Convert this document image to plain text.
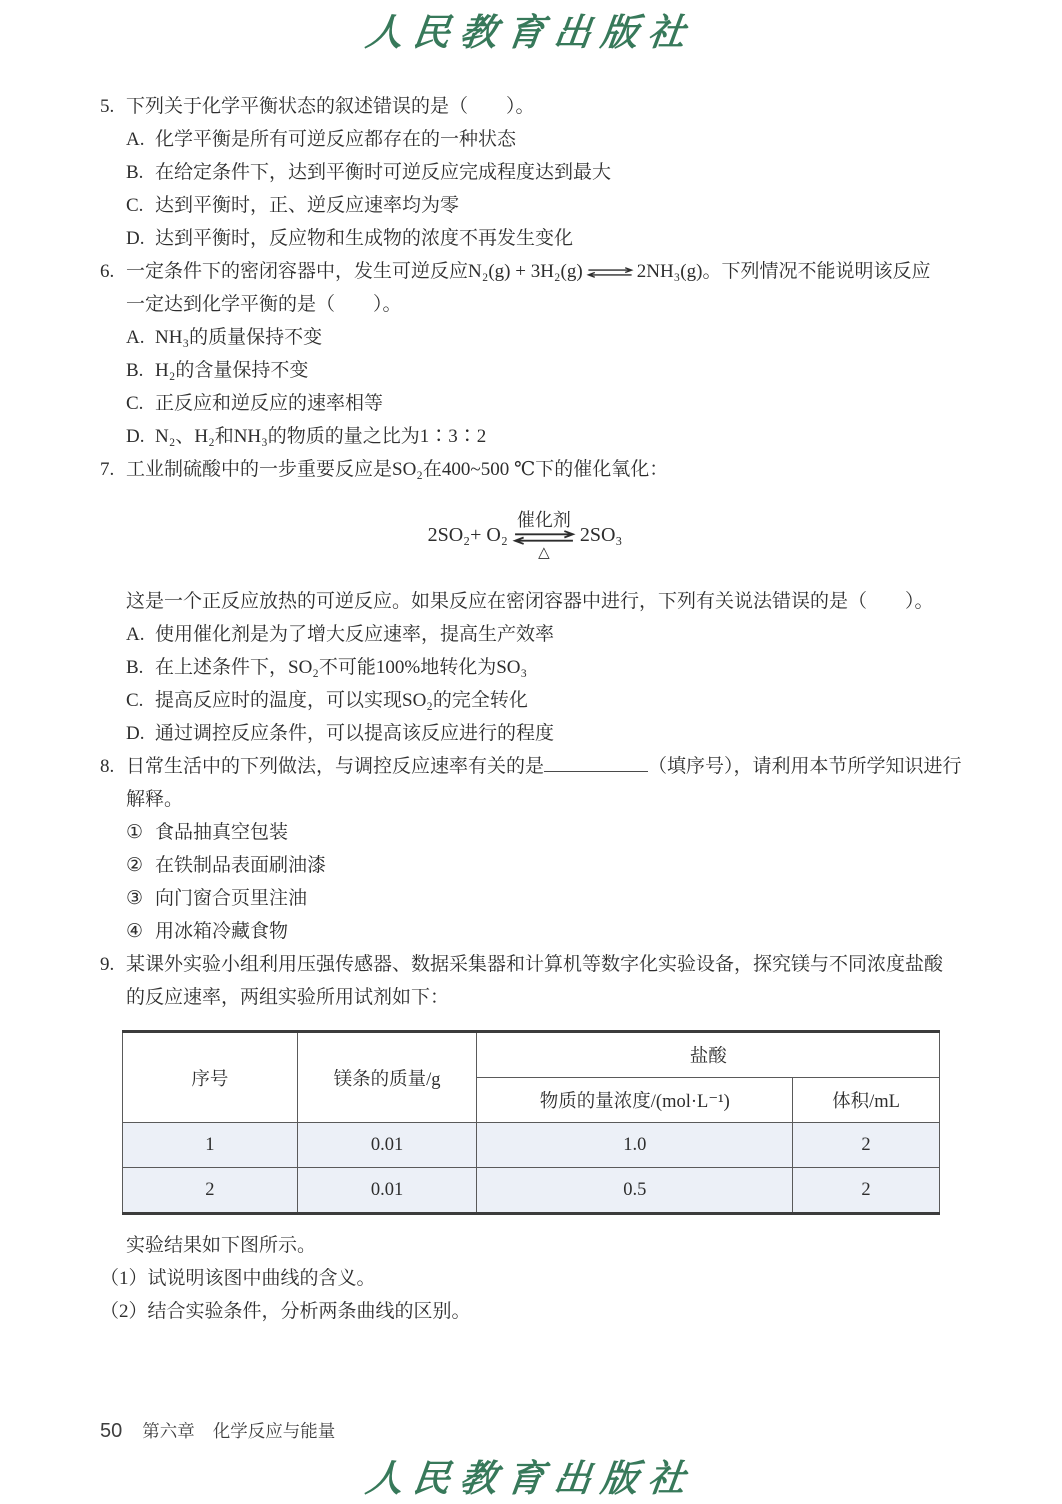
人民教育出版社
5. 下列关于化学平衡状态的叙述错误的是（　　）。
A. 化学平衡是所有可逆反应都存在的一种状态
B. 在给定条件下，达到平衡时可逆反应完成程度达到最大
C. 达到平衡时，正、逆反应速率均为零
D. 达到平衡时，反应物和生成物的浓度不再发生变化
6. 一定条件下的密闭容器中，发生可逆反应N₂(g) + 3H₂(g) ⇌ 2NH₃(g)。下列情况不能说明该反应
一定达到化学平衡的是（　　）。
A. NH₃的质量保持不变
B. H₂的含量保持不变
C. 正反应和逆反应的速率相等
D. N₂、H₂和NH₃的物质的量之比为1∶3∶2
7. 工业制硫酸中的一步重要反应是SO₂在400~500 ℃下的催化氧化：
2SO₂+ O₂
催化剂
△
2SO₃
这是一个正反应放热的可逆反应。如果反应在密闭容器中进行，下列有关说法错误的是（　　）。
A. 使用催化剂是为了增大反应速率，提高生产效率
B. 在上述条件下，SO₂不可能100%地转化为SO₃
C. 提高反应时的温度，可以实现SO₂的完全转化
D. 通过调控反应条件，可以提高该反应进行的程度
8. 日常生活中的下列做法，与调控反应速率有关的是	（填序号），请利用本节所学知识进行
解释。
① 食品抽真空包装
② 在铁制品表面刷油漆
③ 向门窗合页里注油
④ 用冰箱冷藏食物
9. 某课外实验小组利用压强传感器、数据采集器和计算机等数字化实验设备，探究镁与不同浓度盐酸
的反应速率，两组实验所用试剂如下：
序号	镁条的质量/g	盐酸	
		物质的量浓度/(mol·L⁻¹)	体积/mL
1	0.01	1.0	2
2	0.01	0.5	2
实验结果如下图所示。
（1） 试说明该图中曲线的含义。
（2） 结合实验条件，分析两条曲线的区别。
50 第六章 化学反应与能量
人民教育出版社
